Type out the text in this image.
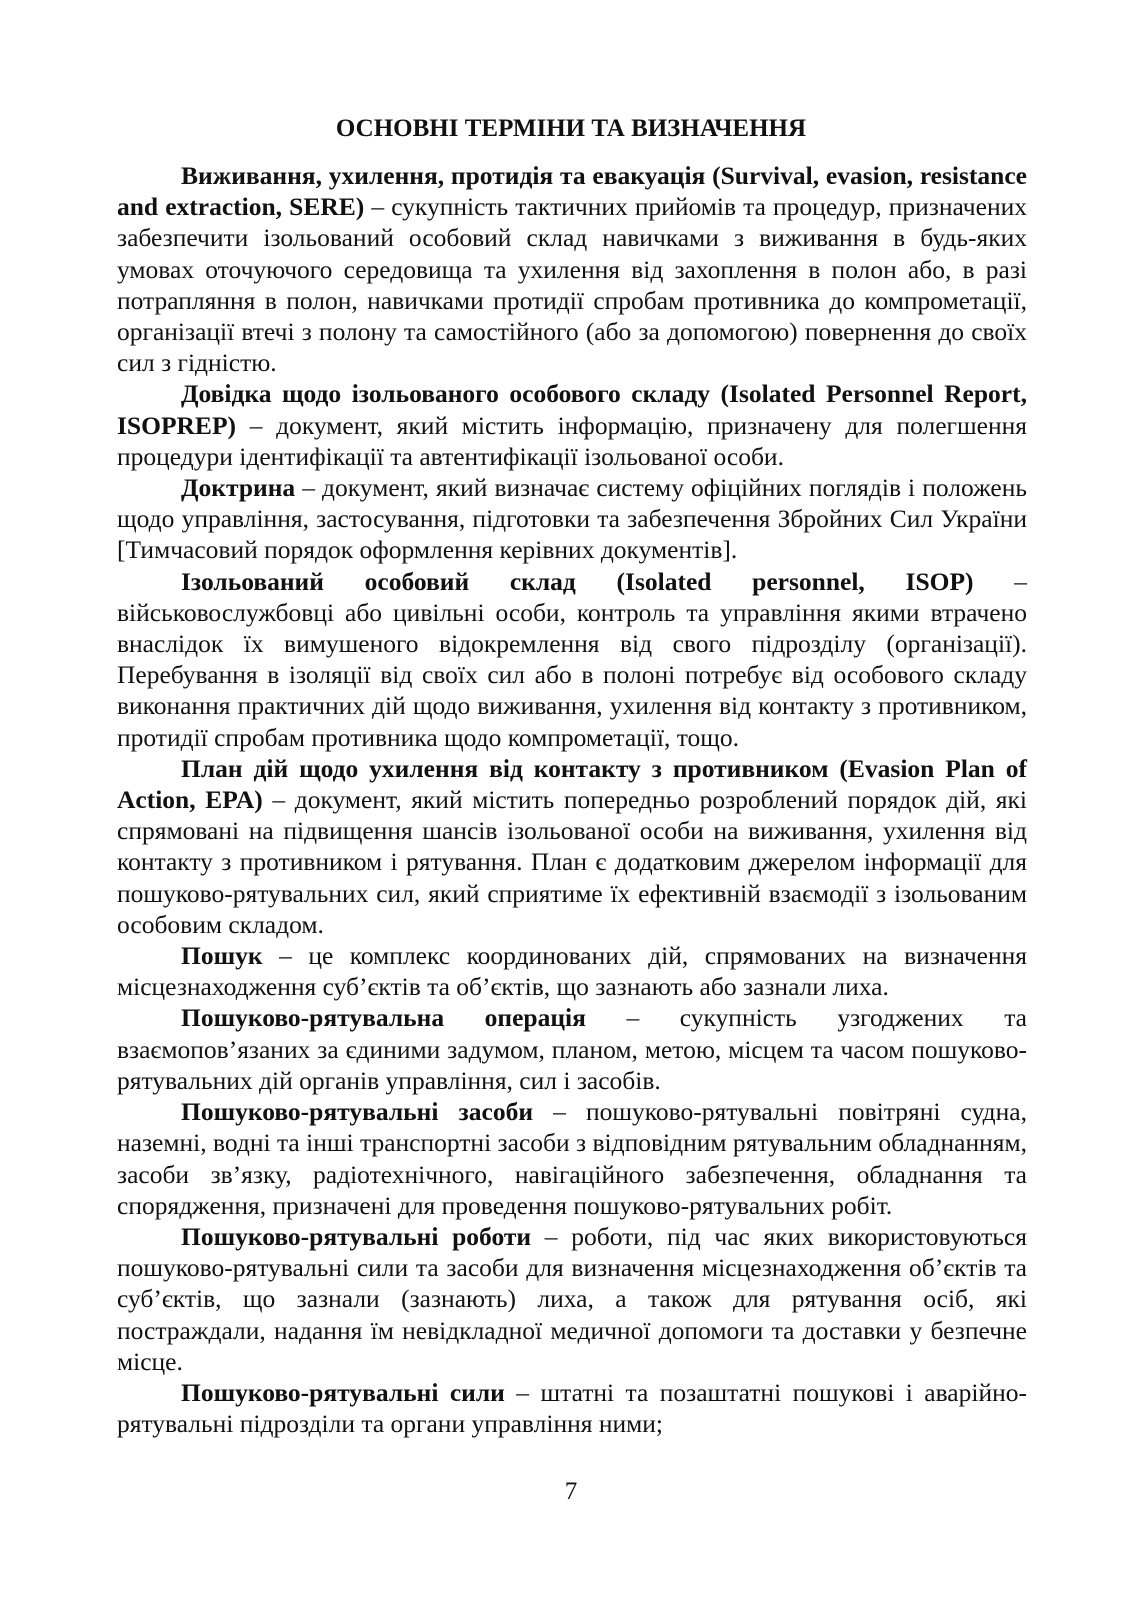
ОСНОВНІ ТЕРМІНИ ТА ВИЗНАЧЕННЯ

Виживання, ухилення, протидія та евакуація (Survival, evasion, resistance and extraction, SERE) – сукупність тактичних прийомів та процедур, призначених забезпечити ізольований особовий склад навичками з виживання в будь-яких умовах оточуючого середовища та ухилення від захоплення в полон або, в разі потрапляння в полон, навичками протидії спробам противника до компрометації, організації втечі з полону та самостійного (або за допомогою) повернення до своїх сил з гідністю.

Довідка щодо ізольованого особового складу (Isolated Personnel Report, ISOPREP) – документ, який містить інформацію, призначену для полегшення процедури ідентифікації та автентифікації ізольованої особи.

Доктрина – документ, який визначає систему офіційних поглядів і положень щодо управління, застосування, підготовки та забезпечення Збройних Сил України [Тимчасовий порядок оформлення керівних документів].

Ізольований особовий склад (Isolated personnel, ISOP) – військовослужбовці або цивільні особи, контроль та управління якими втрачено внаслідок їх вимушеного відокремлення від свого підрозділу (організації). Перебування в ізоляції від своїх сил або в полоні потребує від особового складу виконання практичних дій щодо виживання, ухилення від контакту з противником, протидії спробам противника щодо компрометації, тощо.

План дій щодо ухилення від контакту з противником (Evasion Plan of Action, EPA) – документ, який містить попередньо розроблений порядок дій, які спрямовані на підвищення шансів ізольованої особи на виживання, ухилення від контакту з противником і рятування. План є додатковим джерелом інформації для пошуково-рятувальних сил, який сприятиме їх ефективній взаємодії з ізольованим особовим складом.

Пошук – це комплекс координованих дій, спрямованих на визначення місцезнаходження суб’єктів та об’єктів, що зазнають або зазнали лиха.

Пошуково-рятувальна операція – сукупність узгоджених та взаємопов’язаних за єдиними задумом, планом, метою, місцем та часом пошуково-рятувальних дій органів управління, сил і засобів.

Пошуково-рятувальні засоби – пошуково-рятувальні повітряні судна, наземні, водні та інші транспортні засоби з відповідним рятувальним обладнанням, засоби зв’язку, радіотехнічного, навігаційного забезпечення, обладнання та спорядження, призначені для проведення пошуково-рятувальних робіт.

Пошуково-рятувальні роботи – роботи, під час яких використовуються пошуково-рятувальні сили та засоби для визначення місцезнаходження об’єктів та суб’єктів, що зазнали (зазнають) лиха, а також для рятування осіб, які постраждали, надання їм невідкладної медичної допомоги та доставки у безпечне місце.

Пошуково-рятувальні сили – штатні та позаштатні пошукові і аварійно-рятувальні підрозділи та органи управління ними;

7
